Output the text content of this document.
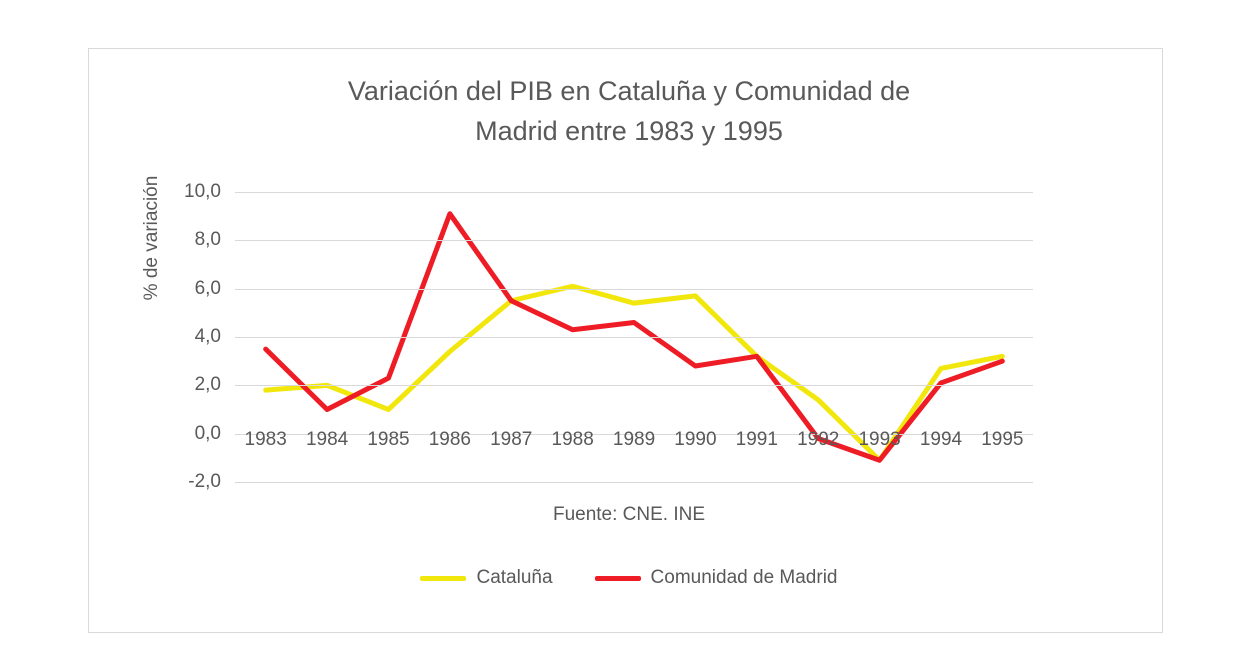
Variación del PIB en Cataluña y Comunidad de
Madrid entre 1983 y 1995
% de variación	10,0
8,0
6,0
4,0
2,0
0,0
-2,0
1983	1984	1985	1986	1987	1988	1989	1990	1991	1992	1993	1994	1995
Fuente: CNE. INE
Cataluña	Comunidad de Madrid
